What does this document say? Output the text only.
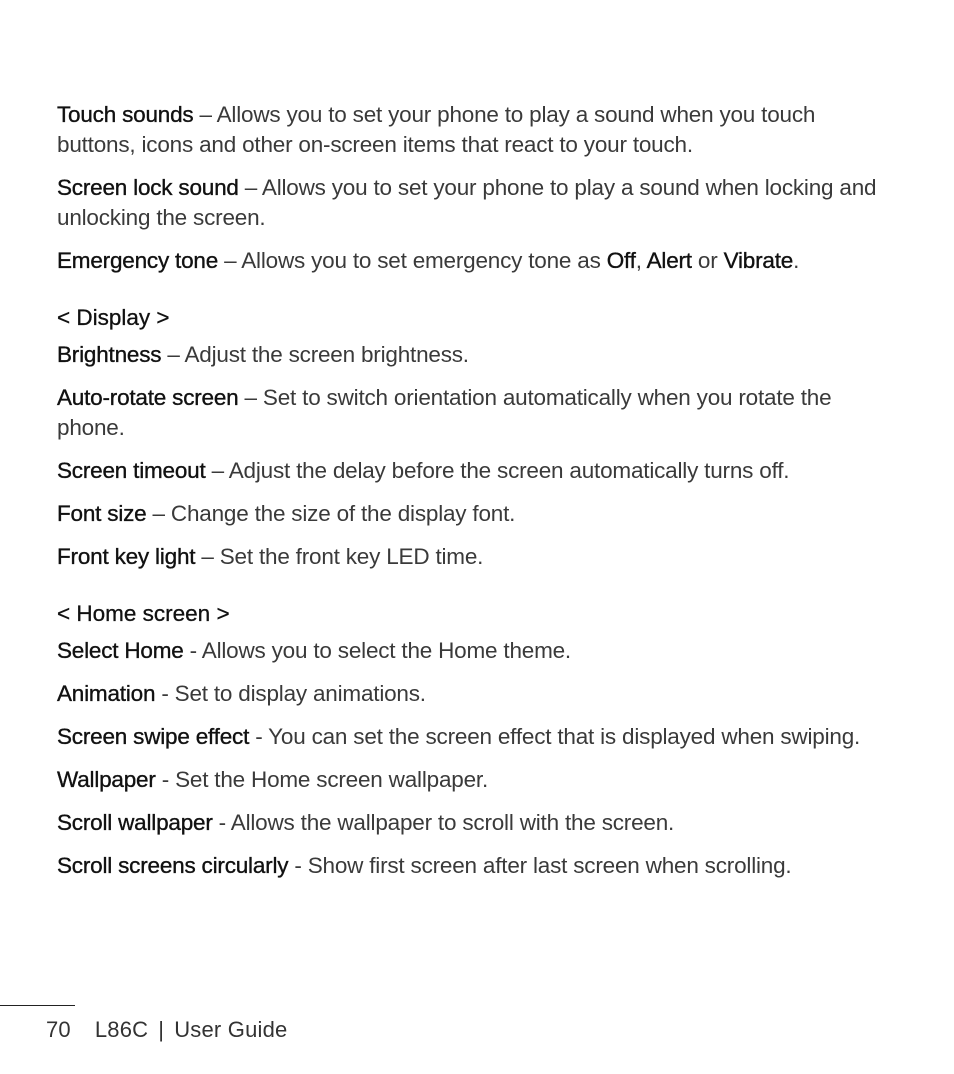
Touch sounds – Allows you to set your phone to play a sound when you touch buttons, icons and other on-screen items that react to your touch.

Screen lock sound – Allows you to set your phone to play a sound when locking and unlocking the screen.

Emergency tone – Allows you to set emergency tone as Off, Alert or Vibrate.

< Display >

Brightness – Adjust the screen brightness.

Auto-rotate screen – Set to switch orientation automatically when you rotate the phone.

Screen timeout – Adjust the delay before the screen automatically turns off.

Font size – Change the size of the display font.

Front key light – Set the front key LED time.

< Home screen >

Select Home - Allows you to select the Home theme.

Animation - Set to display animations.

Screen swipe effect - You can set the screen effect that is displayed when swiping.

Wallpaper - Set the Home screen wallpaper.

Scroll wallpaper - Allows the wallpaper to scroll with the screen.

Scroll screens circularly - Show first screen after last screen when scrolling.

70 L86C | User Guide
